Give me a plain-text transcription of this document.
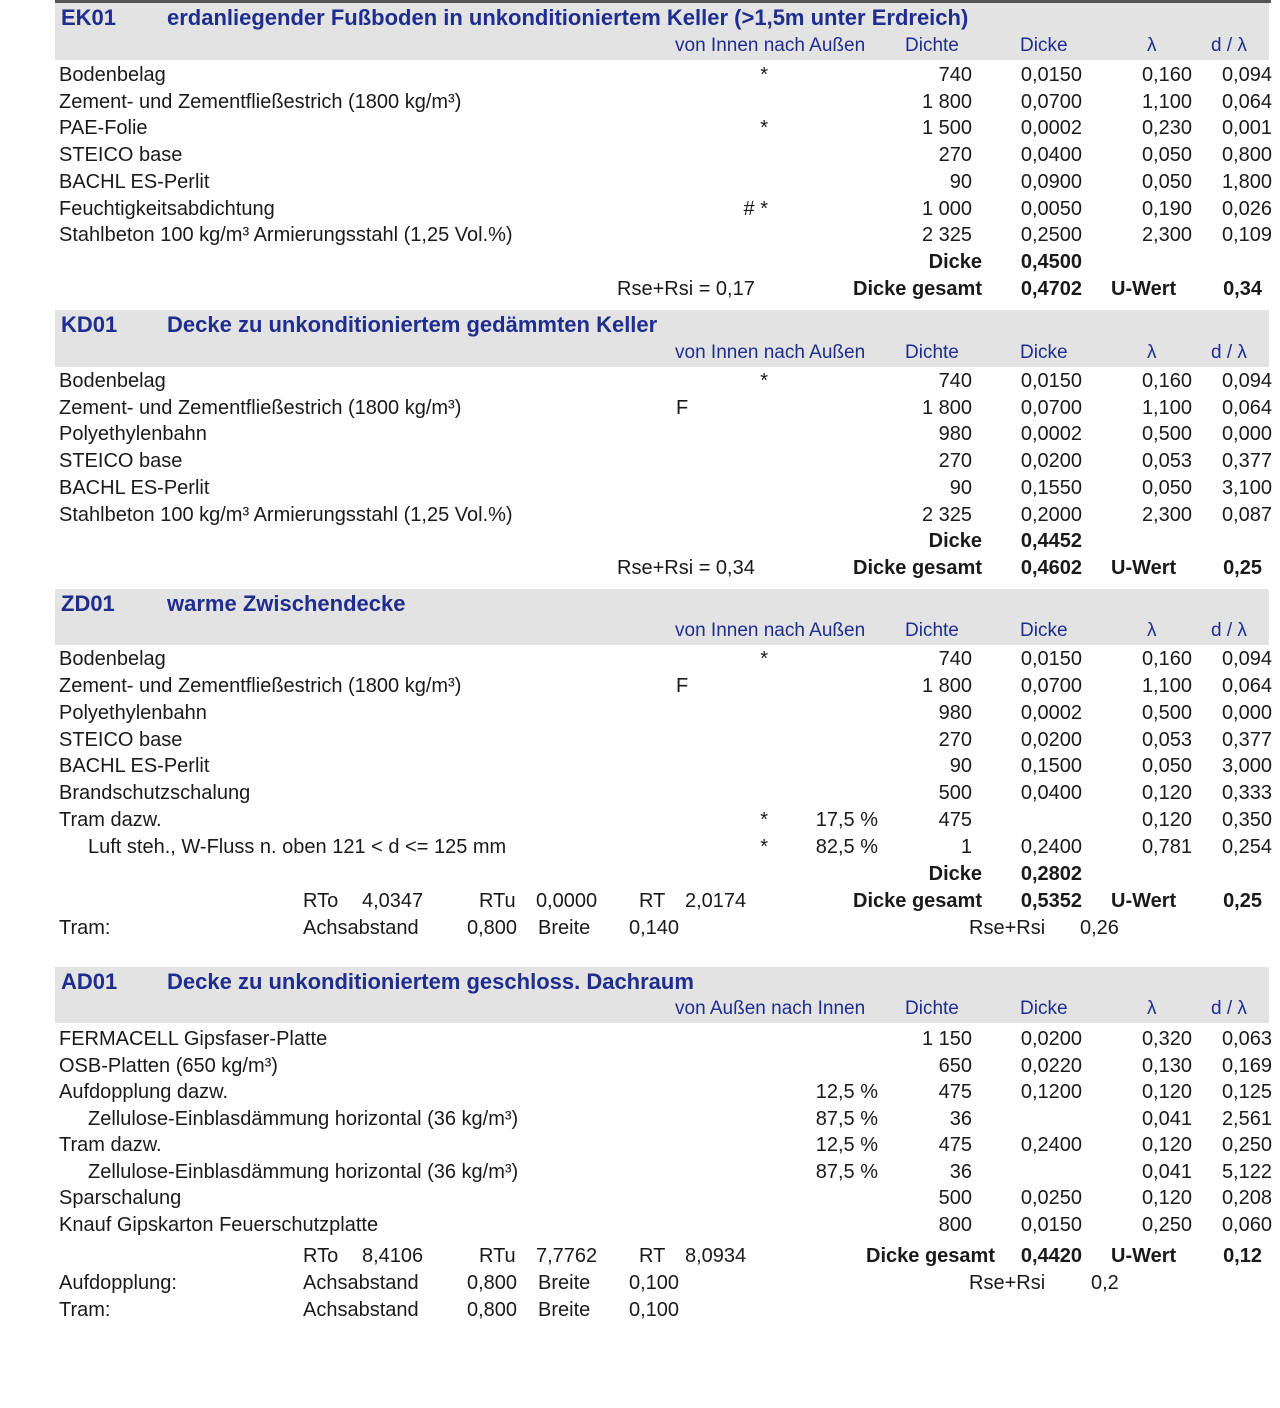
EK01 erdanliegender Fußboden in unkonditioniertem Keller (>1,5m unter Erdreich)
von Innen nach Außen Dichte	Dicke	λ	d / λ
Bodenbelag	*	740 0,0150	0,160 0,094
Zement- und Zementfließestrich (1800 kg/m³)	1 800 0,0700	1,100 0,064
PAE-Folie	*	1 500 0,0002	0,230 0,001
STEICO base	270 0,0400	0,050 0,800
BACHL ES-Perlit	90 0,0900	0,050 1,800
Feuchtigkeitsabdichtung	# *	1 000 0,0050	0,190 0,026
Stahlbeton 100 kg/m³ Armierungsstahl (1,25 Vol.%)	2 325 0,2500	2,300 0,109
Dicke 0,4500
Rse+Rsi = 0,17	Dicke gesamt 0,4702 U-Wert 0,34
KD01 Decke zu unkonditioniertem gedämmten Keller
von Innen nach Außen Dichte	Dicke	λ	d / λ
Bodenbelag	*	740 0,0150	0,160 0,094
Zement- und Zementfließestrich (1800 kg/m³)	F	1 800 0,0700	1,100 0,064
Polyethylenbahn	980 0,0002	0,500 0,000
STEICO base	270 0,0200	0,053 0,377
BACHL ES-Perlit	90 0,1550	0,050 3,100
Stahlbeton 100 kg/m³ Armierungsstahl (1,25 Vol.%)	2 325 0,2000	2,300 0,087
Dicke 0,4452
Rse+Rsi = 0,34	Dicke gesamt 0,4602 U-Wert 0,25
ZD01 warme Zwischendecke
von Innen nach Außen Dichte	Dicke	λ	d / λ
Bodenbelag	*	740 0,0150	0,160 0,094
Zement- und Zementfließestrich (1800 kg/m³)	F	1 800 0,0700	1,100 0,064
Polyethylenbahn	980 0,0002	0,500 0,000
STEICO base	270 0,0200	0,053 0,377
BACHL ES-Perlit	90 0,1500	0,050 3,000
Brandschutzschalung	500 0,0400	0,120 0,333
Tram dazw.	* 17,5 %	475	0,120 0,350
Luft steh., W-Fluss n. oben 121 < d <= 125 mm	* 82,5 %	1 0,2400	0,781 0,254
Dicke 0,2802
RTo 4,0347	RTu 0,0000 RT 2,0174	Dicke gesamt 0,5352 U-Wert 0,25
Tram:	Achsabstand 0,800 Breite 0,140	Rse+Rsi 0,26
AD01 Decke zu unkonditioniertem geschloss. Dachraum
von Außen nach Innen Dichte	Dicke	λ	d / λ
FERMACELL Gipsfaser-Platte	1 150 0,0200	0,320 0,063
OSB-Platten (650 kg/m³)	650 0,0220	0,130 0,169
Aufdopplung dazw.	12,5 %	475 0,1200	0,120 0,125
Zellulose-Einblasdämmung horizontal (36 kg/m³)	87,5 %	36	0,041 2,561
Tram dazw.	12,5 %	475 0,2400	0,120 0,250
Zellulose-Einblasdämmung horizontal (36 kg/m³)	87,5 %	36	0,041 5,122
Sparschalung	500 0,0250	0,120 0,208
Knauf Gipskarton Feuerschutzplatte	800 0,0150	0,250 0,060
RTo 8,4106	RTu 7,7762 RT 8,0934	Dicke gesamt 0,4420 U-Wert 0,12
Aufdopplung:	Achsabstand 0,800 Breite 0,100	Rse+Rsi 0,2
Tram:	Achsabstand 0,800 Breite 0,100
